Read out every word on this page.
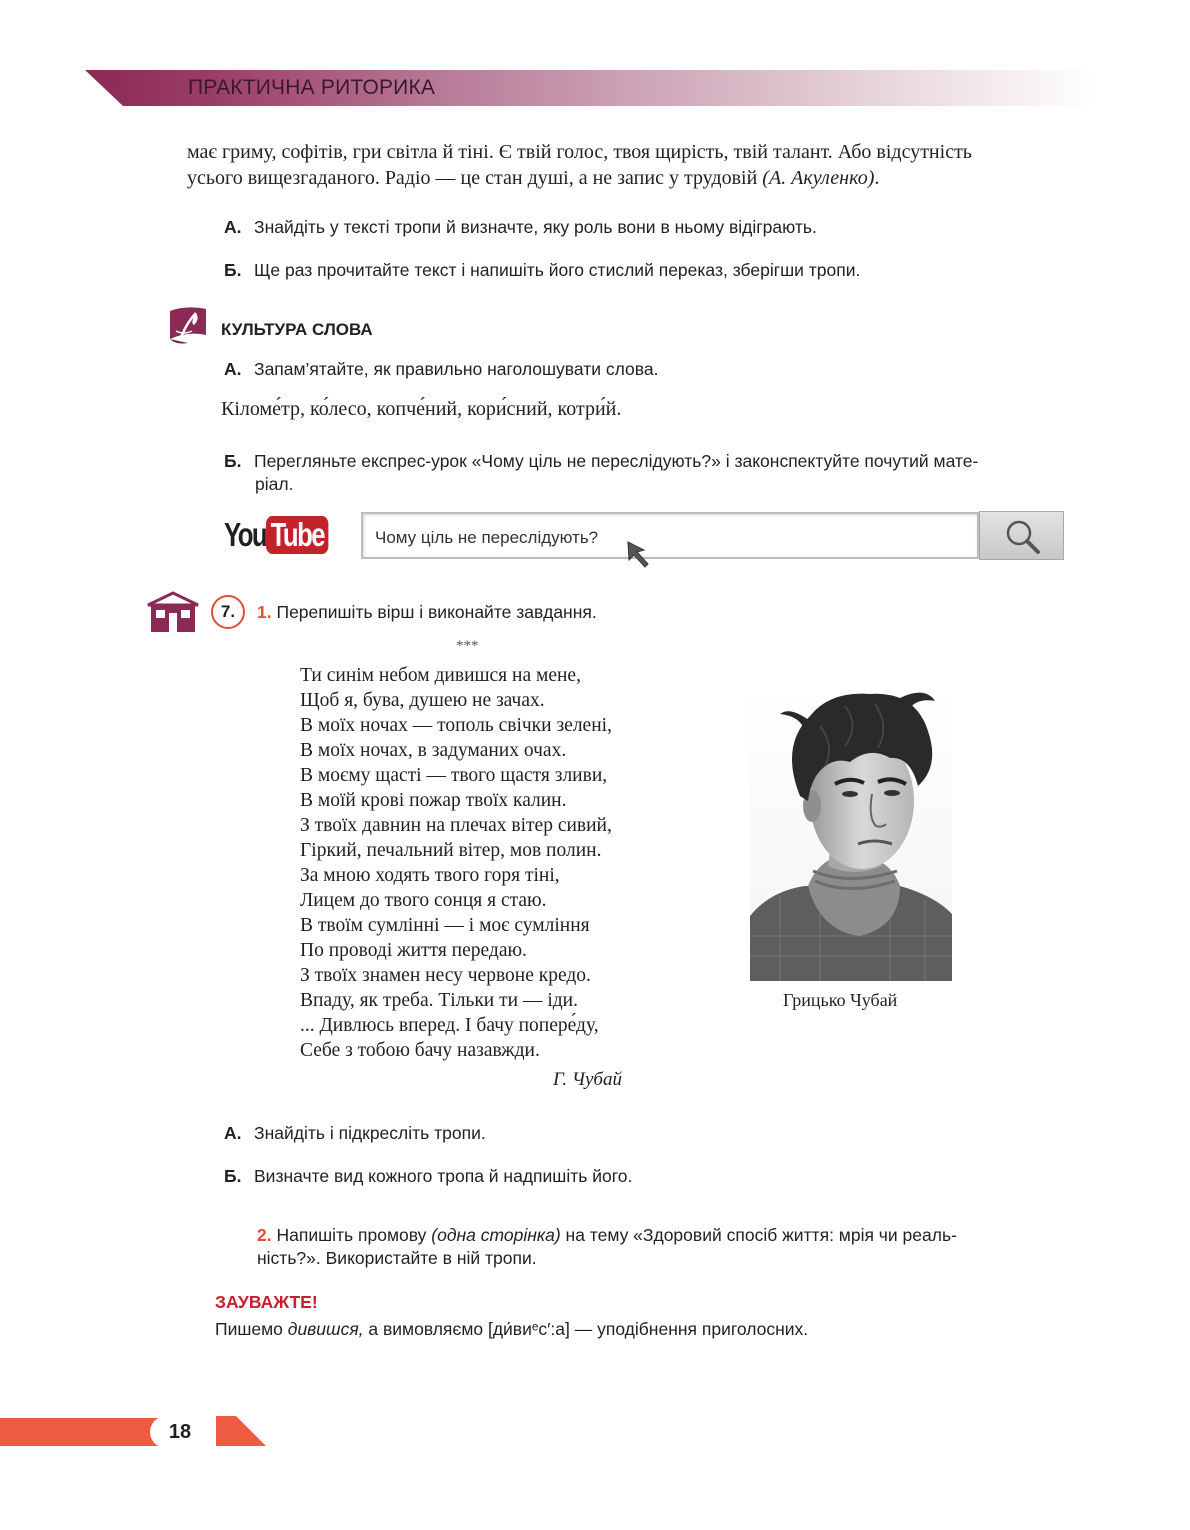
ПРАКТИЧНА РИТОРИКА
має гриму, софітів, гри світла й тіні. Є твій голос, твоя щирість, твій талант. Або відсутність
усього вищезгаданого. Радіо — це стан душі, а не запис у трудовій (А. Акуленко).
А. Знайдіть у тексті тропи й визначте, яку роль вони в ньому відіграють.
Б. Ще раз прочитайте текст і напишіть його стислий переказ, зберігши тропи.
КУЛЬТУРА СЛОВА
А. Запам’ятайте, як правильно наголошувати слова.
Кіломе́тр, ко́лесо, копче́ний, кори́сний, котри́й.
Б. Перегляньте експрес-урок «Чому ціль не переслідують?» і законспектуйте почутий мате-
ріал.
You Tube	Чому ціль не переслідують?
7.	1. Перепишіть вірш і виконайте завдання.
***
Ти синім небом дивишся на мене,
Щоб я, бува, душею не зачах.
В моїх ночах — тополь свічки зелені,
В моїх ночах, в задуманих очах.
В моєму щасті — твого щастя зливи,
В моїй крові пожар твоїх калин.
З твоїх давнин на плечах вітер сивий,
Гіркий, печальний вітер, мов полин.
За мною ходять твого горя тіні,
Лицем до твого сонця я стаю.
В твоїм сумлінні — і моє сумління
По проводі життя передаю.
З твоїх знамен несу червоне кредо.
Впаду, як треба. Тільки ти — іди.
... Дивлюсь вперед. І бачу попере́ду,
Себе з тобою бачу назавжди.
Г. Чубай
Грицько Чубай
А. Знайдіть і підкресліть тропи.
Б. Визначте вид кожного тропа й надпишіть його.
2. Напишіть промову (одна сторінка) на тему «Здоровий спосіб життя: мрія чи реаль-
ність?». Використайте в ній тропи.
ЗАУВАЖТЕ!
Пишемо дивишся, а вимовляємо [ди́виᵉс′:а] — уподібнення приголосних.
18
